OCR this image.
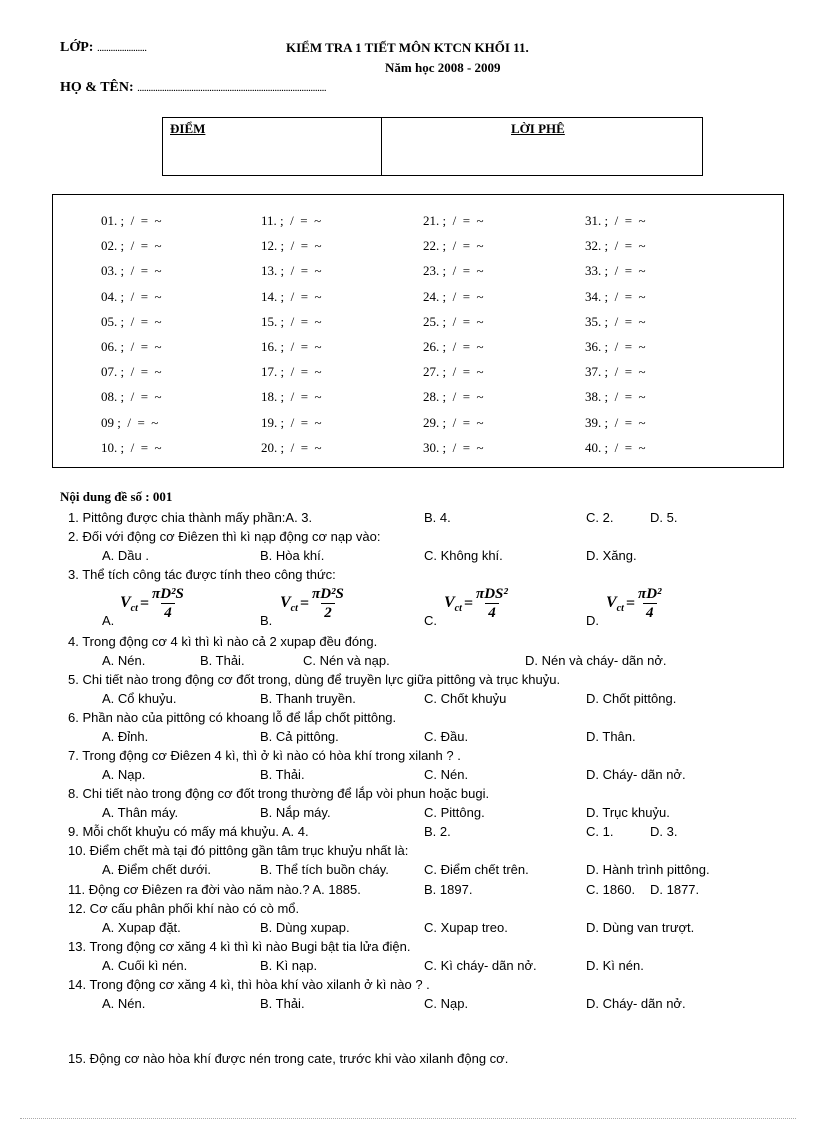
LỚP: ......................	KIỂM TRA 1 TIẾT MÔN KTCN KHỐI 11.
Năm học 2008 - 2009
HỌ & TÊN: ....................................................................................
ĐIỂM	LỜI PHÊ
01. ;  /  =  ~
02. ;  /  =  ~
03. ;  /  =  ~
04. ;  /  =  ~
05. ;  /  =  ~
06. ;  /  =  ~
07. ;  /  =  ~
08. ;  /  =  ~
09 ;  /  =  ~
10. ;  /  =  ~
11. ;  /  =  ~
12. ;  /  =  ~
13. ;  /  =  ~
14. ;  /  =  ~
15. ;  /  =  ~
16. ;  /  =  ~
17. ;  /  =  ~
18. ;  /  =  ~
19. ;  /  =  ~
20. ;  /  =  ~
21. ;  /  =  ~
22. ;  /  =  ~
23. ;  /  =  ~
24. ;  /  =  ~
25. ;  /  =  ~
26. ;  /  =  ~
27. ;  /  =  ~
28. ;  /  =  ~
29. ;  /  =  ~
30. ;  /  =  ~
31. ;  /  =  ~
32. ;  /  =  ~
33. ;  /  =  ~
34. ;  /  =  ~
35. ;  /  =  ~
36. ;  /  =  ~
37. ;  /  =  ~
38. ;  /  =  ~
39. ;  /  =  ~
40. ;  /  =  ~
Nội dung đề số : 001
1. Pittông được chia thành mấy phần:A. 3.	B. 4.	C. 2.	D. 5.
2. Đối với động cơ Điêzen thì kì nạp động cơ nạp vào:
A. Dầu .	B. Hòa khí.	C. Không khí.	D. Xăng.
3. Thể tích công tác được tính theo công thức:
A.	B.	C.	D.
$V_{ct} = \frac{\text{πD²S}}{4}$	$V_{ct} = \frac{\text{πD²S}}{2}$	$V_{ct} = \frac{\text{πDS²}}{4}$	$V_{ct} = \frac{\text{πD²}}{4}$
4. Trong động cơ 4 kì thì kì nào cả 2 xupap đều đóng.
A. Nén.	B. Thải.	C. Nén và nạp.	D. Nén và cháy- dãn nở.
5. Chi tiết nào trong động cơ đốt trong, dùng để truyền lực giữa pittông và trục khuỷu.
A. Cổ khuỷu.	B. Thanh truyền.	C. Chốt khuỷu	D. Chốt pittông.
6. Phần nào của pittông có khoang lỗ để lắp chốt pittông.
A. Đỉnh.	B. Cả pittông.	C. Đầu.	D. Thân.
7. Trong động cơ Điêzen 4 kì, thì ở kì nào có hòa khí trong xilanh ? .
A. Nạp.	B. Thải.	C. Nén.	D. Cháy- dãn nở.
8. Chi tiết nào trong động cơ đốt trong thường để lắp vòi phun hoặc bugi.
A. Thân máy.	B. Nắp máy.	C. Pittông.	D. Trục khuỷu.
9. Mỗi chốt khuỷu có mấy má khuỷu. A. 4.	B. 2.	C. 1.	D. 3.
10. Điểm chết mà tại đó pittông gần tâm trục khuỷu nhất là:
A. Điểm chết dưới.	B. Thể tích buồn cháy.	C. Điểm chết trên.	D. Hành trình pittông.
11. Động cơ Điêzen ra đời vào năm nào.? A. 1885.	B. 1897.	C. 1860. D. 1877.
12. Cơ cấu phân phối khí nào có cò mổ.
A. Xupap đặt.	B. Dùng xupap.	C. Xupap treo.	D. Dùng van trượt.
13. Trong động cơ xăng 4 kì thì kì nào Bugi bật tia lửa điện.
A. Cuối kì nén.	B. Kì nạp.	C. Kì cháy- dãn nở.	D. Kì nén.
14. Trong động cơ xăng 4 kì, thì hòa khí vào xilanh ở kì nào ? .
A. Nén.	B. Thải.	C. Nạp.	D. Cháy- dãn nở.
15. Động cơ nào hòa khí được nén trong cate, trước khi vào xilanh động cơ.
